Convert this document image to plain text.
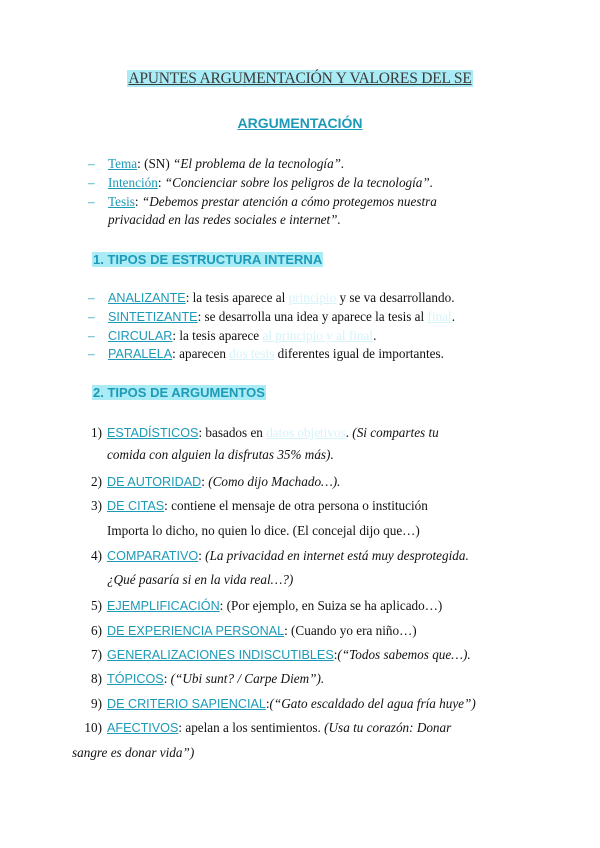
APUNTES ARGUMENTACIÓN Y VALORES DEL SE
ARGUMENTACIÓN
– Tema: (SN) “El problema de la tecnología”.
– Intención: “Concienciar sobre los peligros de la tecnología”.
– Tesis: “Debemos prestar atención a cómo protegemos nuestra
privacidad en las redes sociales e internet”.
1. TIPOS DE ESTRUCTURA INTERNA
– ANALIZANTE: la tesis aparece al principio y se va desarrollando.
– SINTETIZANTE: se desarrolla una idea y aparece la tesis al final.
– CIRCULAR: la tesis aparece al principio y al final.
– PARALELA: aparecen dos tesis diferentes igual de importantes.
2. TIPOS DE ARGUMENTOS
1) ESTADÍSTICOS: basados en datos objetivos. (Si compartes tu
comida con alguien la disfrutas 35% más).
2) DE AUTORIDAD: (Como dijo Machado…).
3) DE CITAS: contiene el mensaje de otra persona o institución
Importa lo dicho, no quien lo dice. (El concejal dijo que…)
4) COMPARATIVO: (La privacidad en internet está muy desprotegida.
¿Qué pasaría si en la vida real…?)
5) EJEMPLIFICACIÓN: (Por ejemplo, en Suiza se ha aplicado…)
6) DE EXPERIENCIA PERSONAL: (Cuando yo era niño…)
7) GENERALIZACIONES INDISCUTIBLES:(“Todos sabemos que…).
8) TÓPICOS: (“Ubi sunt? / Carpe Diem”).
9) DE CRITERIO SAPIENCIAL:(“Gato escaldado del agua fría huye”)
10) AFECTIVOS: apelan a los sentimientos. (Usa tu corazón: Donar
sangre es donar vida”)
